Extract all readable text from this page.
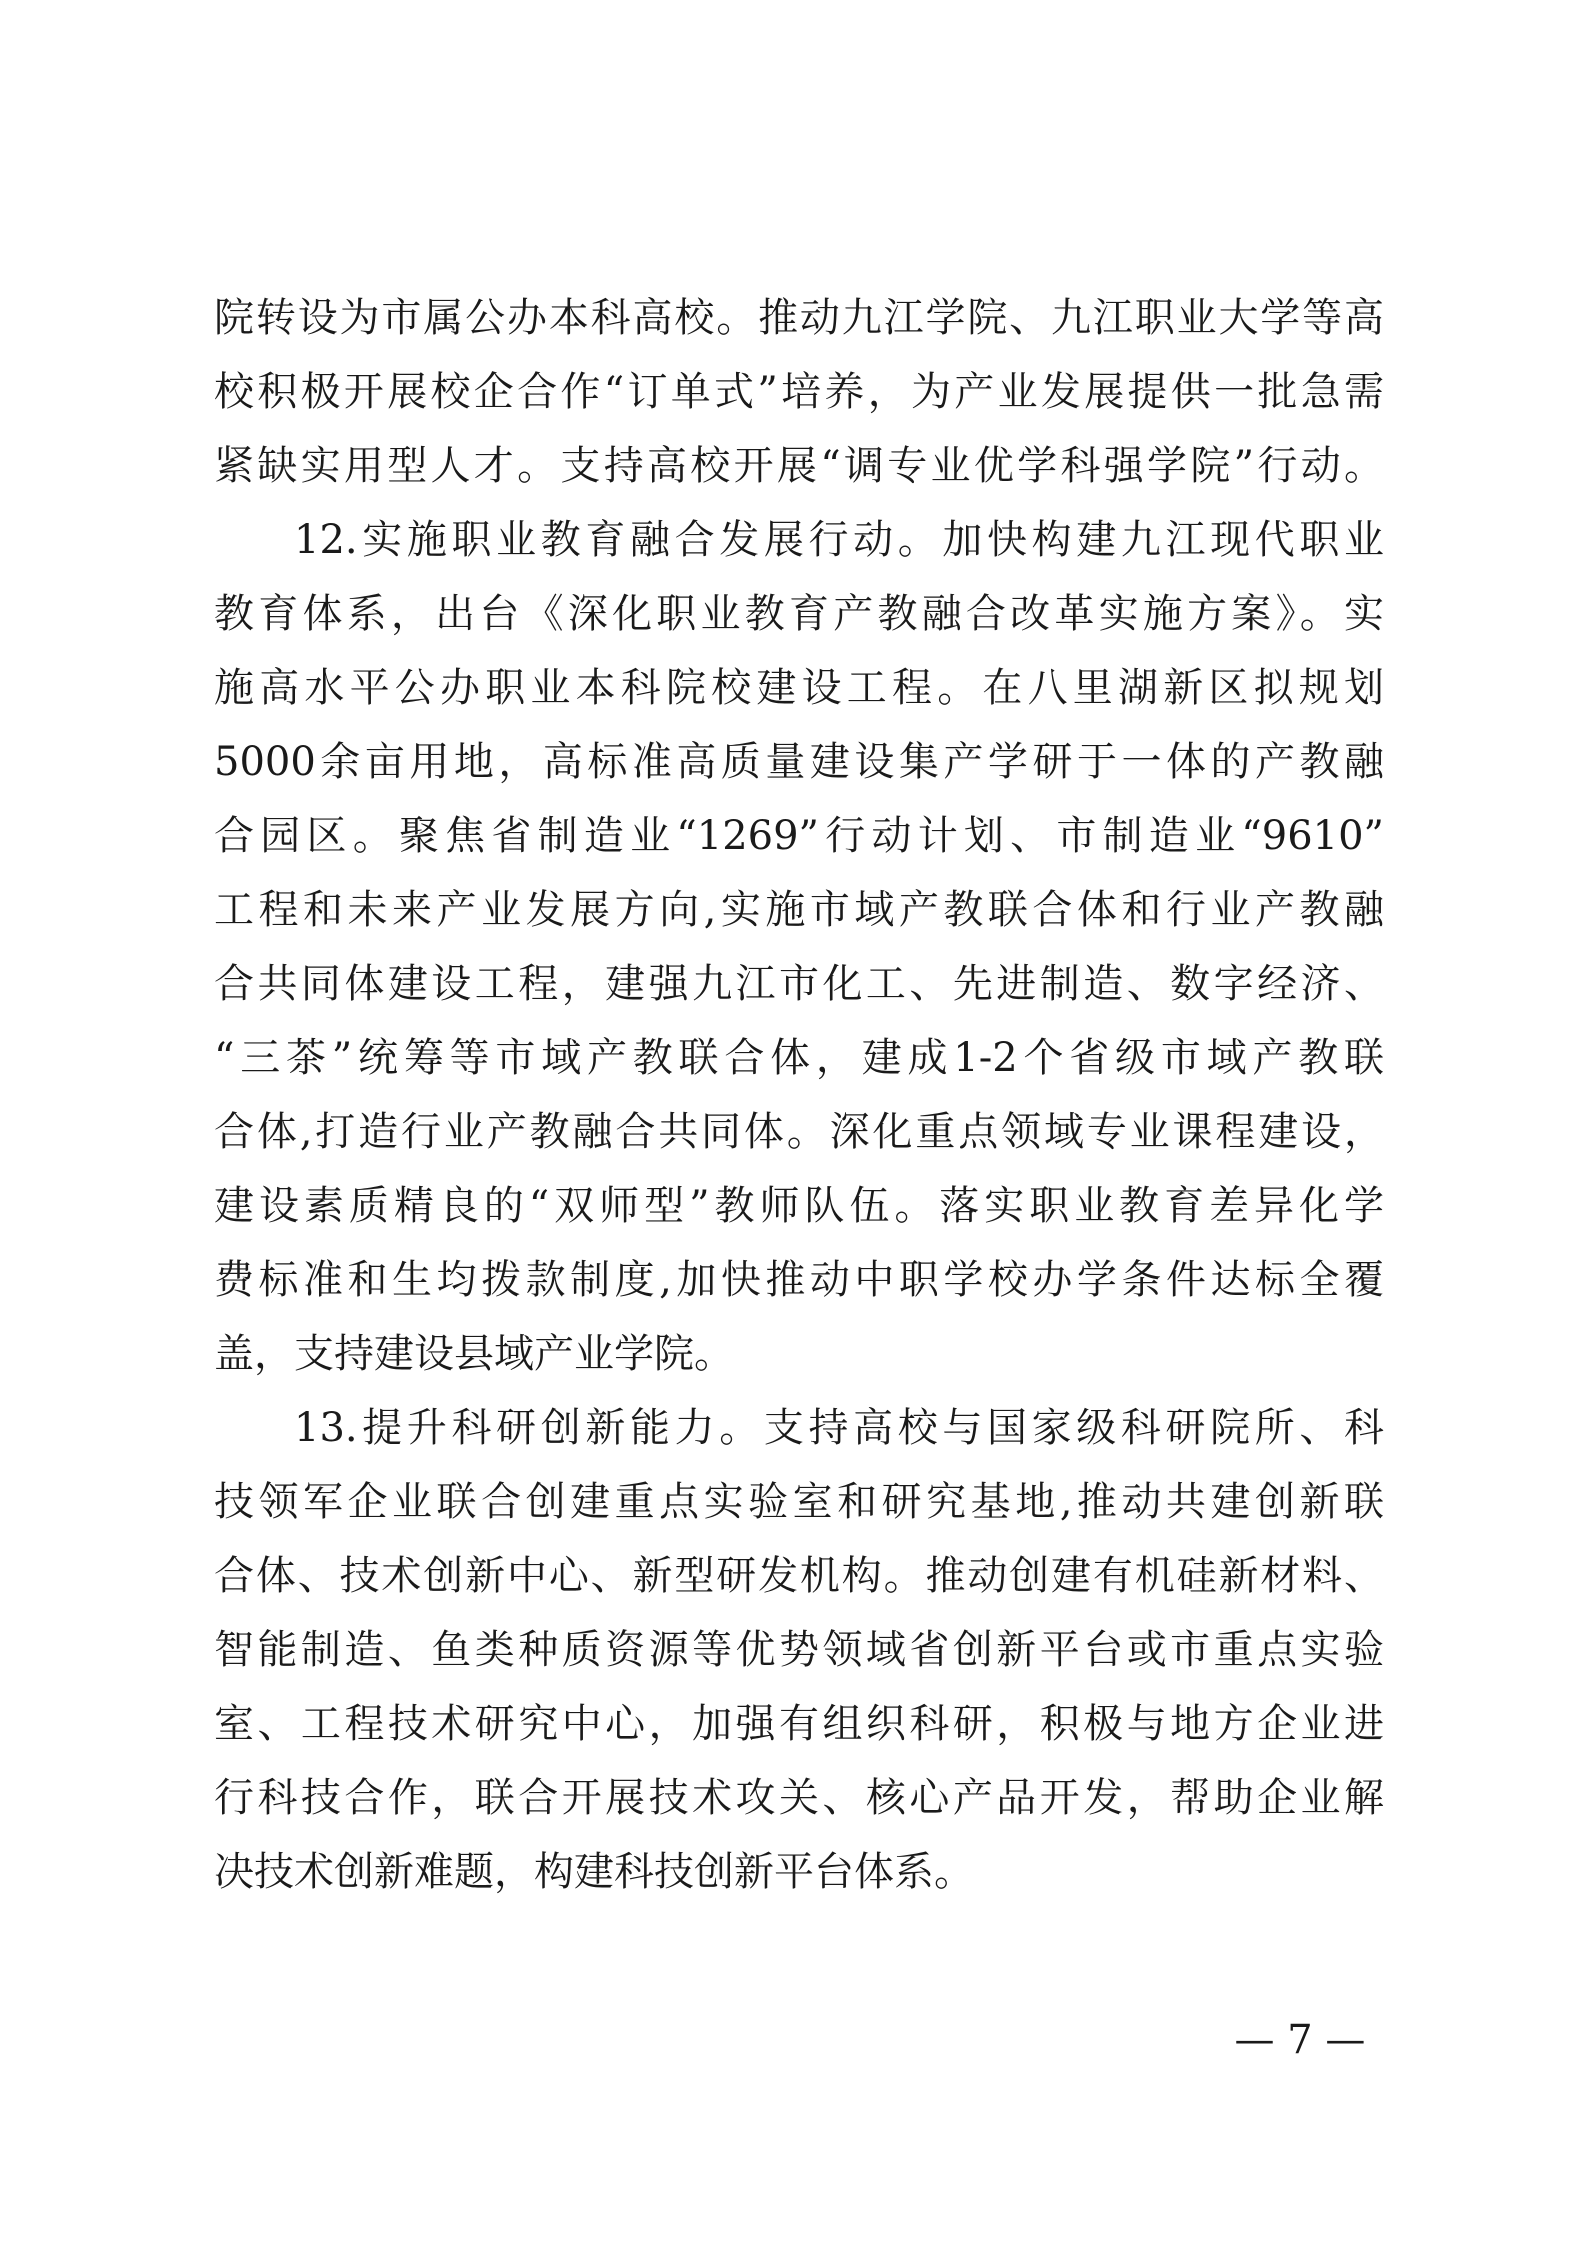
院转设为市属公办本科高校。推动九江学院、九江职业大学等高
校积极开展校企合作“订单式”培养，为产业发展提供一批急需
紧缺实用型人才。支持高校开展“调专业优学科强学院”行动。
12.实施职业教育融合发展行动。加快构建九江现代职业
教育体系，出台《深化职业教育产教融合改革实施方案》。实
施高水平公办职业本科院校建设工程。在八里湖新区拟规划
5000余亩用地，高标准高质量建设集产学研于一体的产教融
合园区。聚焦省制造业“1269”行动计划、市制造业“9610”
工程和未来产业发展方向,实施市域产教联合体和行业产教融
合共同体建设工程，建强九江市化工、先进制造、数字经济、
“三茶”统筹等市域产教联合体，建成1-2个省级市域产教联
合体,打造行业产教融合共同体。深化重点领域专业课程建设，
建设素质精良的“双师型”教师队伍。落实职业教育差异化学
费标准和生均拨款制度,加快推动中职学校办学条件达标全覆
盖，支持建设县域产业学院。
13.提升科研创新能力。支持高校与国家级科研院所、科
技领军企业联合创建重点实验室和研究基地,推动共建创新联
合体、技术创新中心、新型研发机构。推动创建有机硅新材料、
智能制造、鱼类种质资源等优势领域省创新平台或市重点实验
室、工程技术研究中心，加强有组织科研，积极与地方企业进
行科技合作，联合开展技术攻关、核心产品开发，帮助企业解
决技术创新难题，构建科技创新平台体系。
— 7 —
